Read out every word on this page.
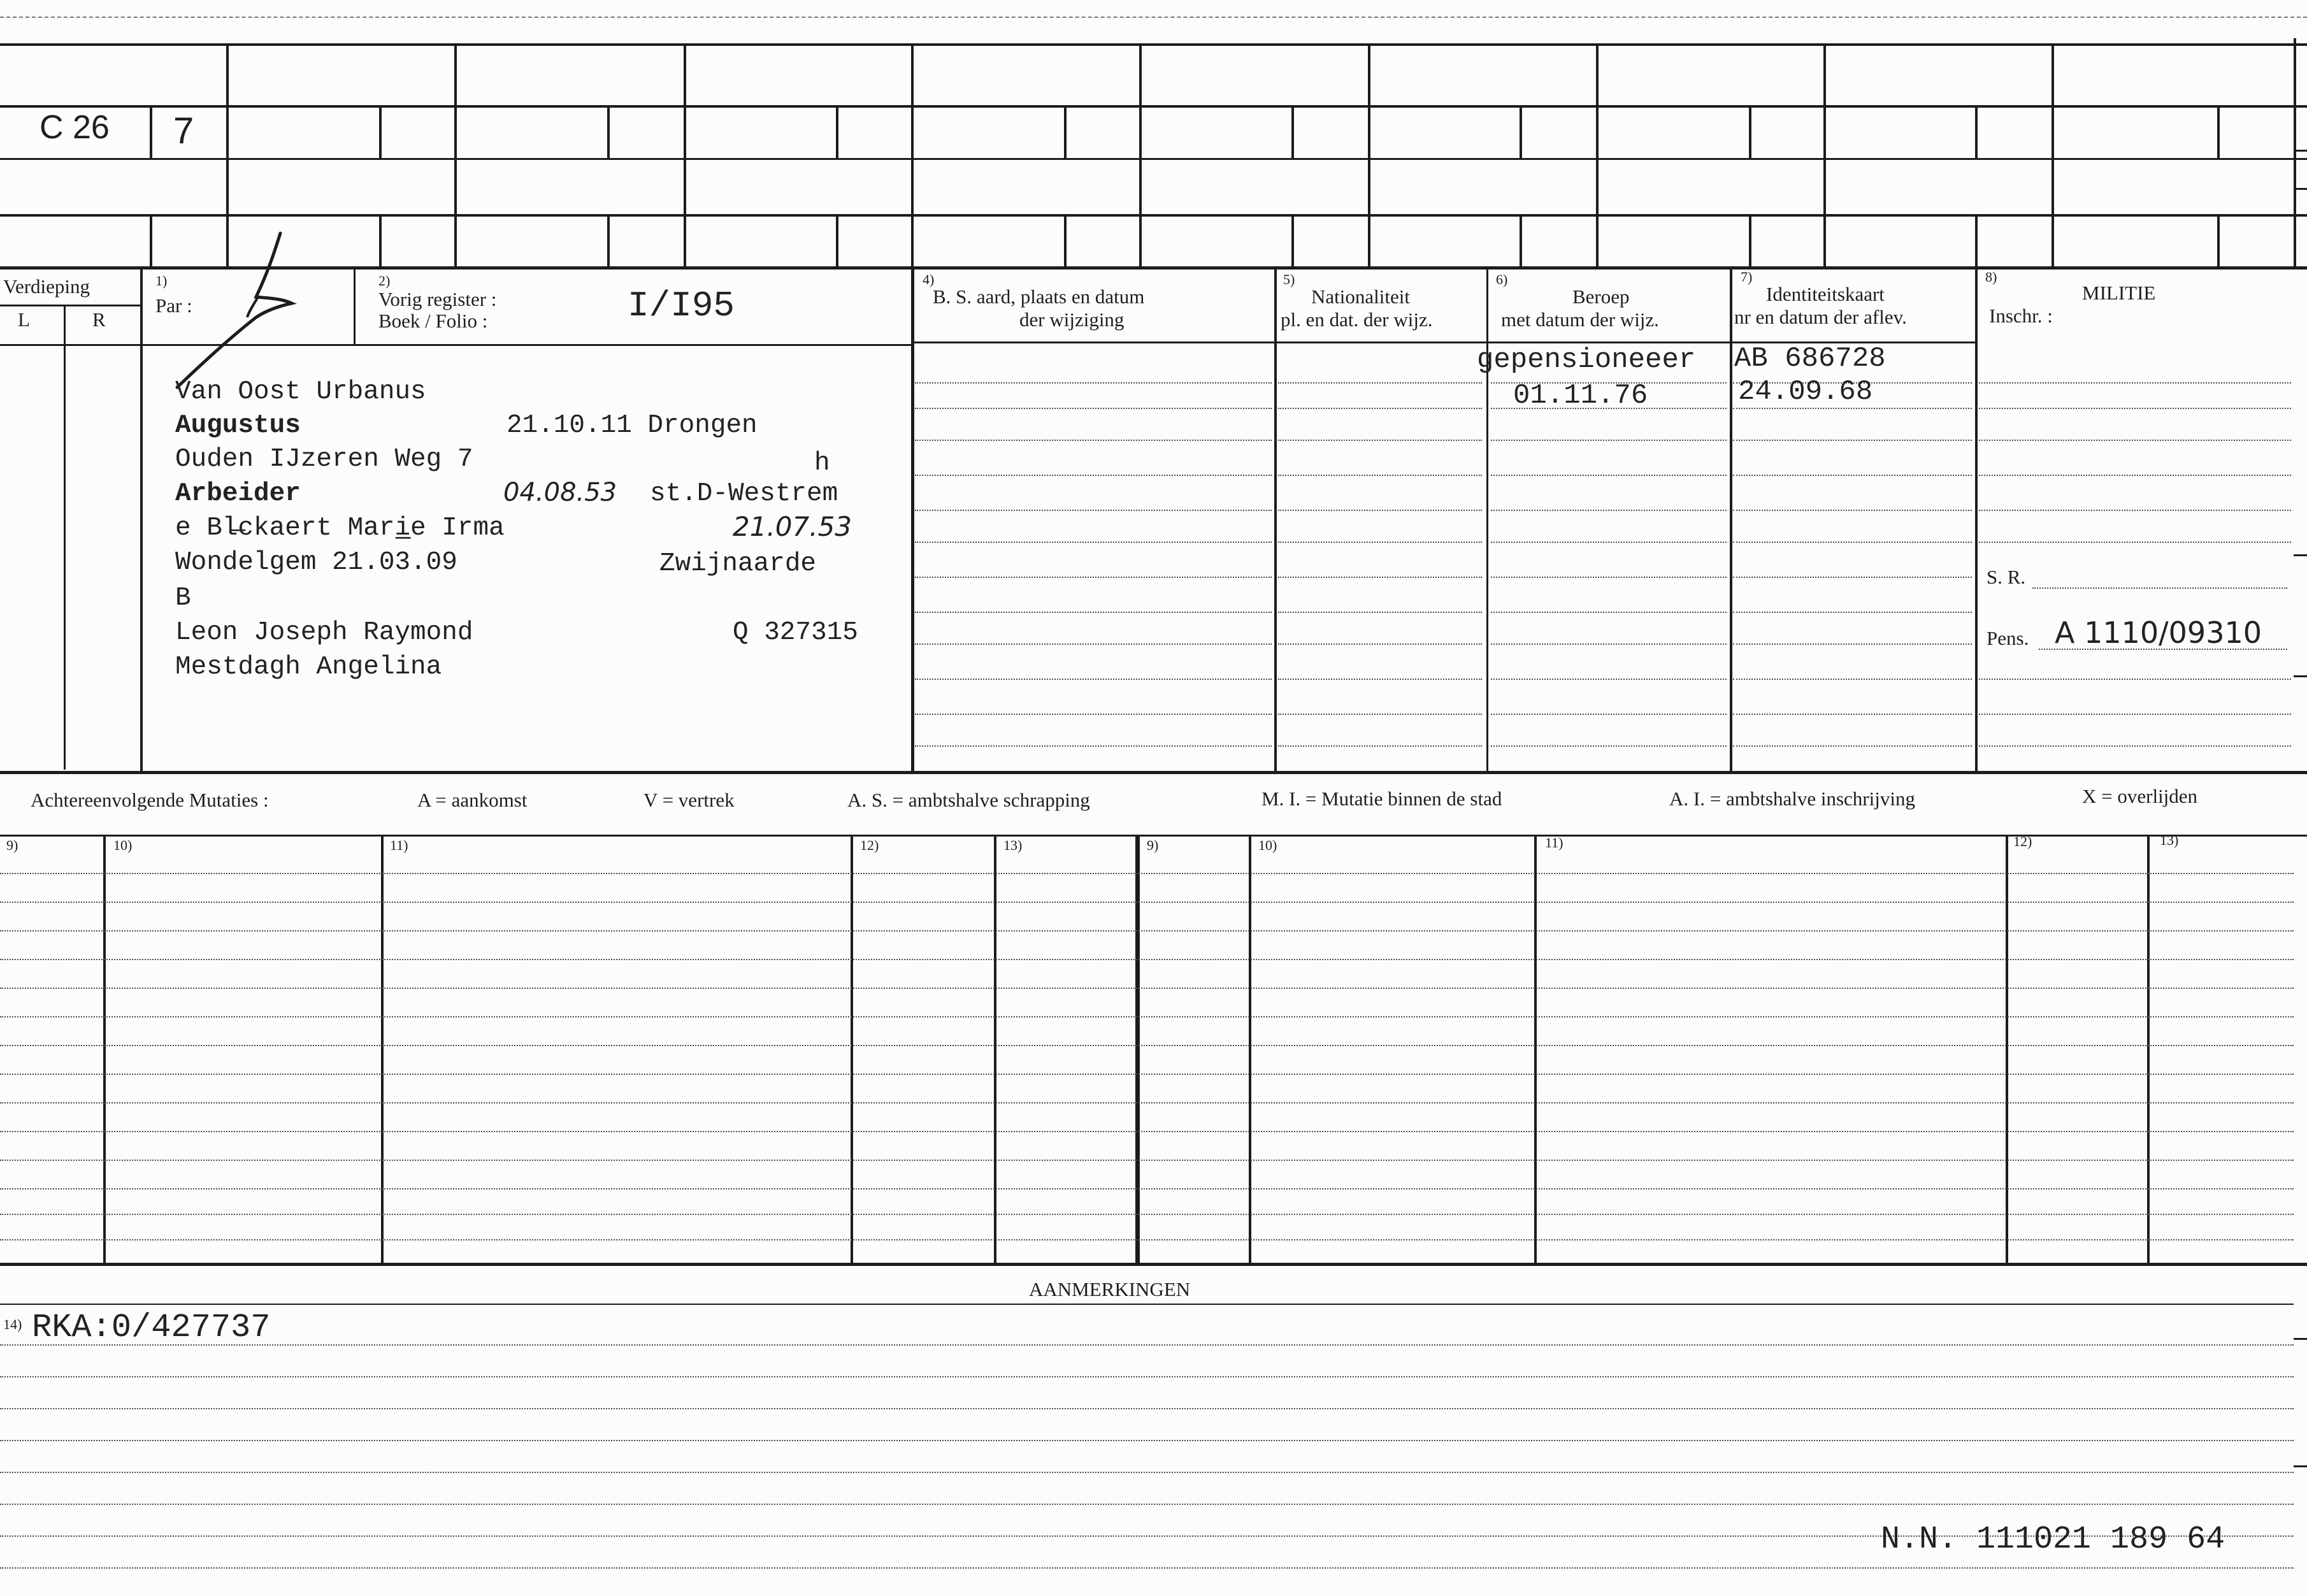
C 26 7
Verdieping
L	R
1)
Par :
2)
Vorig register :
Boek / Folio :	I/I95
4)
B. S. aard, plaats en datum
der wijziging
5)
Nationaliteit
pl. en dat. der wijz.
6)
Beroep
met datum der wijz.
7)
Identiteitskaart
nr en datum der aflev.
8)
MILITIE
Inschr. :
S. R.
Pens. A 1110/09310
gepensioneeer
01.11.76
AB 686728
24.09.68
Van Oost Urbanus
Augustus	21.10.11 Drongen
Ouden IJzeren Weg 7	h
Arbeider	04.08.53 st.D-Westrem
e Bl̶ckaert Mari̲e Irma	21.07.53
Wondelgem 21.03.09	Zwijnaarde
B
Leon Joseph Raymond	Q 327315
Mestdagh Angelina
Achtereenvolgende Mutaties :	A = aankomst	V = vertrek	A. S. = ambtshalve schrapping	M. I. = Mutatie binnen de stad	A. I. = ambtshalve inschrijving	X = overlijden
9)	10)	11)	12)	13)	9)	10)	11)	12)	13)
AANMERKINGEN
14) RKA:0/427737
N.N. 111021 189 64
